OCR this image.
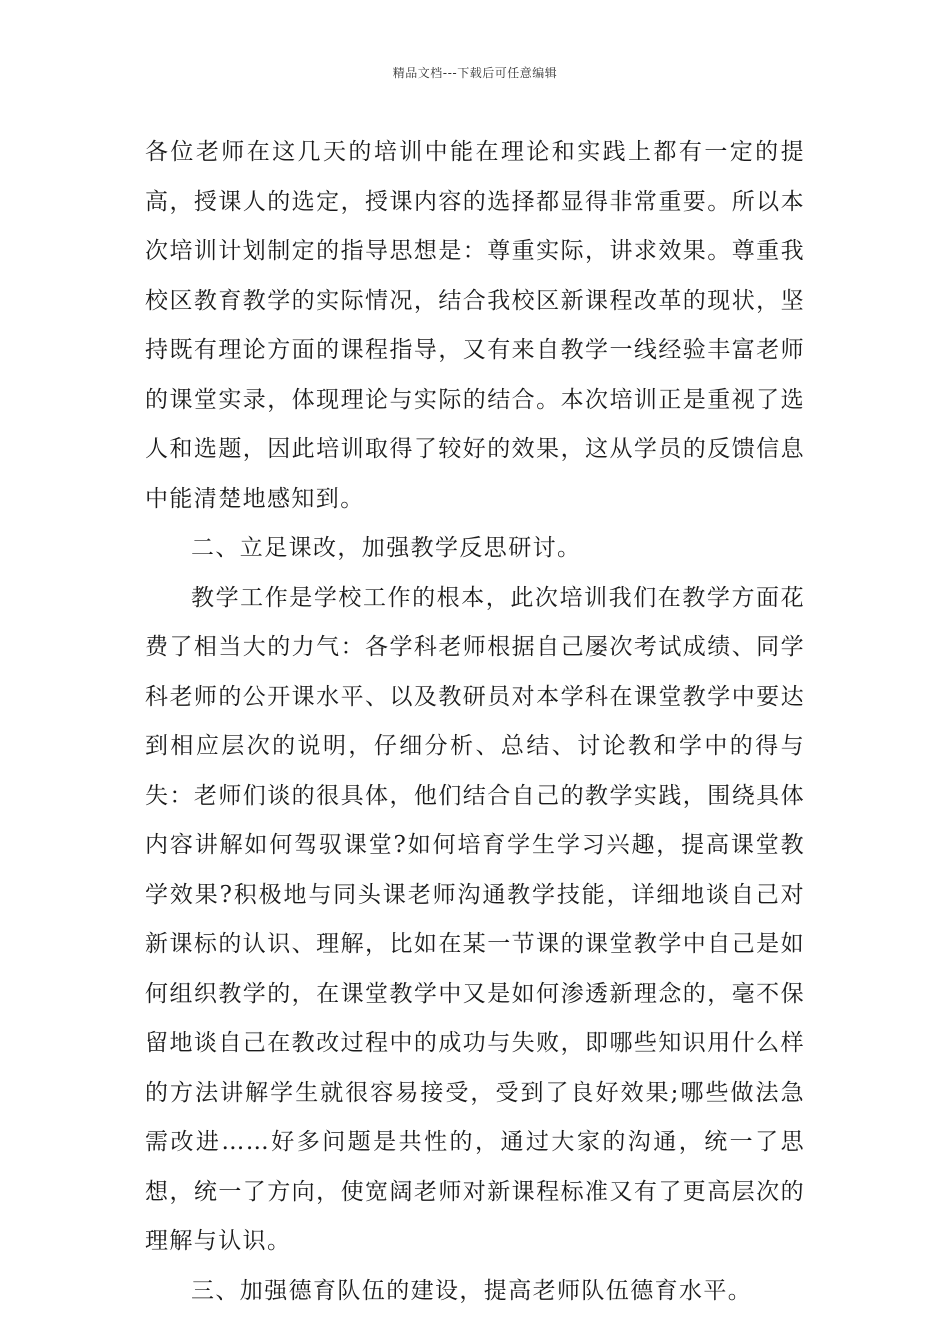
精品文档---下载后可任意编辑

各位老师在这几天的培训中能在理论和实践上都有一定的提高，授课人的选定，授课内容的选择都显得非常重要。所以本次培训计划制定的指导思想是：尊重实际，讲求效果。尊重我校区教育教学的实际情况，结合我校区新课程改革的现状，坚持既有理论方面的课程指导，又有来自教学一线经验丰富老师的课堂实录，体现理论与实际的结合。本次培训正是重视了选人和选题，因此培训取得了较好的效果，这从学员的反馈信息中能清楚地感知到。

二、立足课改，加强教学反思研讨。

教学工作是学校工作的根本，此次培训我们在教学方面花费了相当大的力气：各学科老师根据自己屡次考试成绩、同学科老师的公开课水平、以及教研员对本学科在课堂教学中要达到相应层次的说明，仔细分析、总结、讨论教和学中的得与失：老师们谈的很具体，他们结合自己的教学实践，围绕具体内容讲解如何驾驭课堂?如何培育学生学习兴趣，提高课堂教学效果?积极地与同头课老师沟通教学技能，详细地谈自己对新课标的认识、理解，比如在某一节课的课堂教学中自己是如何组织教学的，在课堂教学中又是如何渗透新理念的，毫不保留地谈自己在教改过程中的成功与失败，即哪些知识用什么样的方法讲解学生就很容易接受，受到了良好效果;哪些做法急需改进……好多问题是共性的，通过大家的沟通，统一了思想，统一了方向，使宽阔老师对新课程标准又有了更高层次的理解与认识。

三、加强德育队伍的建设，提高老师队伍德育水平。
